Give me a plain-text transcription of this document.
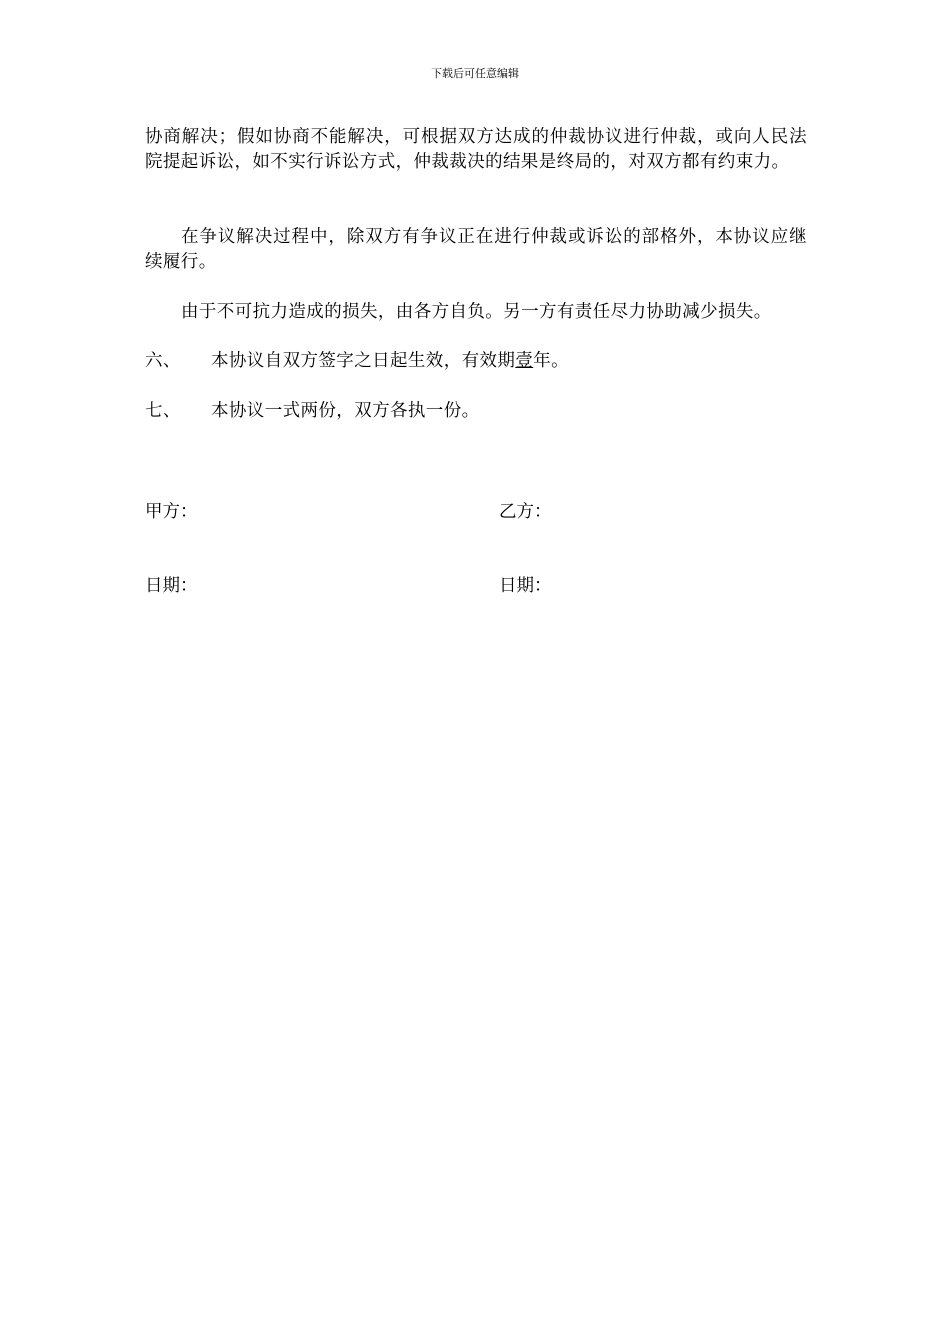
下载后可任意编辑
协商解决；假如协商不能解决，可根据双方达成的仲裁协议进行仲裁，或向人民法院提起诉讼，如不实行诉讼方式，仲裁裁决的结果是终局的，对双方都有约束力。
在争议解决过程中，除双方有争议正在进行仲裁或诉讼的部格外，本协议应继续履行。
由于不可抗力造成的损失，由各方自负。另一方有责任尽力协助减少损失。
六、 本协议自双方签字之日起生效，有效期壹年。
七、 本协议一式两份，双方各执一份。
甲方：	乙方：
日期：	日期：
